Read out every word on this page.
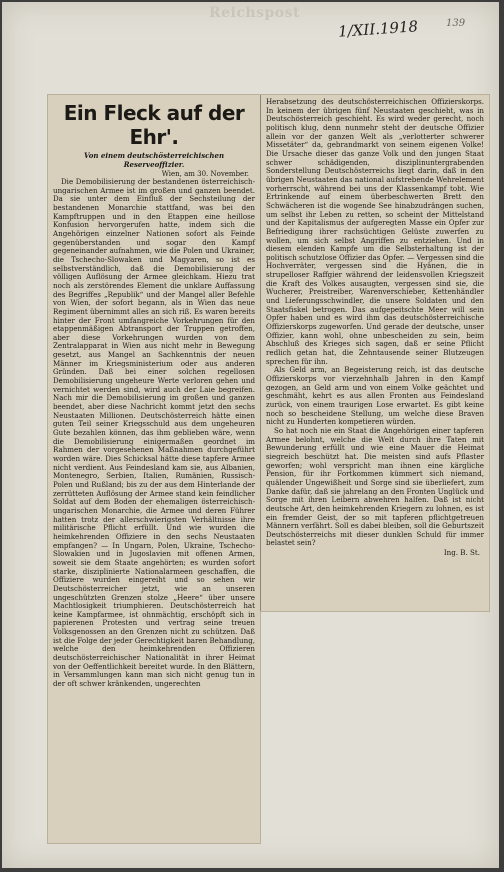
Reichspost
1/XII.1918	139
Ein Fleck auf der Ehr'.
Von einem deutschösterreichischen Reserveoffizier.
Wien, am 30. November.

Die Demobilisierung der bestandenen österreichisch-ungarischen Armee ist im großen und ganzen beendet. Da sie unter dem Einfluß der Sechsteilung der bestandenen Monarchie stattfand, was bei den Kampftruppen und in den Etappen eine heillose Konfusion hervorgerufen hatte, indem sich die Angehörigen einzelner Nationen sofort als Feinde gegenüberstanden und sogar den Kampf gegeneinander aufnahmen, wie die Polen und Ukrainer, die Tschecho-Slowaken und Magyaren, so ist es selbstverständlich, daß die Demobilisierung der völligen Auflösung der Armee gleichkam. Hiezu trat noch als zerstörendes Element die unklare Auffassung des Begriffes „Republik“ und der Mangel aller Befehle von Wien, der sofort begann, als in Wien das neue Regiment übernimmt alles an sich riß. Es waren bereits hinter der Front umfangreiche Vorkehrungen für den etappenmäßigen Abtransport der Truppen getroffen, aber diese Vorkehrungen wurden von dem Zentralapparat in Wien aus nicht mehr in Bewegung gesetzt, aus Mangel an Sachkenntnis der neuen Männer im Kriegsministerium oder aus anderen Gründen. Daß bei einer solchen regellosen Demobilisierung ungeheure Werte verloren gehen und vernichtet werden sind, wird auch der Laie begreifen. Nach mir die Demobilisierung im großen und ganzen beendet, aber diese Nachricht kommt jetzt den sechs Neustaaten Millionen. Deutschösterreich hätte einen guten Teil seiner Kriegsschuld aus dem ungeheuren Gute bezahlen können, das ihm geblieben wäre, wenn die Demobilisierung einigermaßen geordnet im Rahmen der vorgesehenen Maßnahmen durchgeführt worden wäre. Dies Schicksal hätte diese tapfere Armee nicht verdient. Aus Feindesland kam sie, aus Albanien, Montenegro, Serbien, Italien, Rumänien, Russisch-Polen und Rußland; bis zu der aus dem Hinterlande der zerrütteten Auflösung der Armee stand kein feindlicher Soldat auf dem Boden der ehemaligen österreichisch-ungarischen Monarchie, die Armee und deren Führer hatten trotz der allerschwierigsten Verhältnisse ihre militärische Pflicht erfüllt. Und wie wurden die heimkehrenden Offiziere in den sechs Neustaaten empfangen? — In Ungarn, Polen, Ukraine, Tschecho-Slowakien und in Jugoslavien mit offenen Armen, soweit sie dem Staate angehörten; es wurden sofort starke, disziplinierte Nationalarmeen geschaffen, die Offiziere wurden eingereiht und so sehen wir Deutschösterreicher jetzt, wie an unseren ungeschützten Grenzen stolze „Heere“ über unsere Machtlosigkeit triumphieren. Deutschösterreich hat keine Kampfarmee, ist ohnmächtig, erschöpft sich in papierenen Protesten und vertrag seine treuen Volksgenossen an den Grenzen nicht zu schützen. Daß ist die Folge der jeder Gerechtigkeit baren Behandlung, welche den heimkehrenden Offizieren deutschösterreichischer Nationalität in ihrer Heimat von der Oeffentlichkeit bereitet wurde. In den Blättern, in Versammlungen kann man sich nicht genug tun in der oft schwer kränkenden, ungerechten

Herabsetzung des deutschösterreichischen Offizierskorps. In keinem der übrigen fünf Neustaaten geschieht, was in Deutschösterreich geschieht. Es wird weder gerecht, noch politisch klug, denn nunmehr steht der deutsche Offizier allein vor der ganzen Welt als „verlotterter schwerer Missetäter“ da, gebrandmarkt von seinem eigenen Volke! Die Ursache dieser das ganze Volk und den jungen Staat schwer schädigenden, disziplinuntergrabenden Sonderstellung Deutschösterreichs liegt darin, daß in den übrigen Neustaaten das national aufstrebende Wehrelement vorherrscht, während bei uns der Klassenkampf tobt. Wie Ertrinkende auf einem überbeschwerten Brett den Schwächeren ist die wogende See hinabzudrängen suchen, um selbst ihr Leben zu retten, so scheint der Mittelstand und der Kapitalismus der aufgeregten Masse ein Opfer zur Befriedigung ihrer rachsüchtigen Gelüste zuwerfen zu wollen, um sich selbst Angriffen zu entziehen. Und in diesem elenden Kampfe um die Selbsterhaltung ist der politisch schutzlose Offizier das Opfer. — Vergessen sind die Hochverräter, vergessen sind die Hyänen, die in strupelloser Raffgier während der leidensvollen Kriegszeit die Kraft des Volkes ausaugten, vergessen sind sie, die Wucherer, Preistreiber, Warenverschieber, Kettenhändler und Lieferungsschwindler, die unsere Soldaten und den Staatsfiskel betrogen. Das aufgepeitschte Meer will sein Opfer haben und es wird ihm das deutschösterreichische Offizierskorps zugeworfen. Und gerade der deutsche, unser Offizier, kann wohl, ohne unbescheiden zu sein, beim Abschluß des Krieges sich sagen, daß er seine Pflicht redlich getan hat, die Zehntausende seiner Blutzeugen sprechen für ihn.

Als Geld arm, an Begeisterung reich, ist das deutsche Offizierskorps vor vierzehnhalb Jahren in den Kampf gezogen, an Geld arm und von einem Volke geächtet und geschmäht, kehrt es aus allen Fronten aus Feindesland zurück, von einem traurigen Lose erwartet. Es gibt keine noch so bescheidene Stellung, um welche diese Braven nicht zu Hunderten kompetieren würden.

So hat noch nie ein Staat die Angehörigen einer tapferen Armee belohnt, welche die Welt durch ihre Taten mit Bewunderung erfüllt und wie eine Mauer die Heimat siegreich beschützt hat. Die meisten sind aufs Pflaster geworfen; wohl verspricht man ihnen eine kärgliche Pension, für ihr Fortkommen kümmert sich niemand, quälender Ungewißheit und Sorge sind sie überliefert, zum Danke dafür, daß sie jahrelang an den Fronten Unglück und Sorge mit ihren Leibern abwehren halfen. Daß ist nicht deutsche Art, den heimkehrenden Kriegern zu lohnen, es ist ein fremder Geist, der so mit tapferen pflichtgetreuen Männern verfährt. Soll es dabei bleiben, soll die Geburtszeit Deutschösterreichs mit dieser dunklen Schuld für immer belastet sein?

Ing. B. St.
